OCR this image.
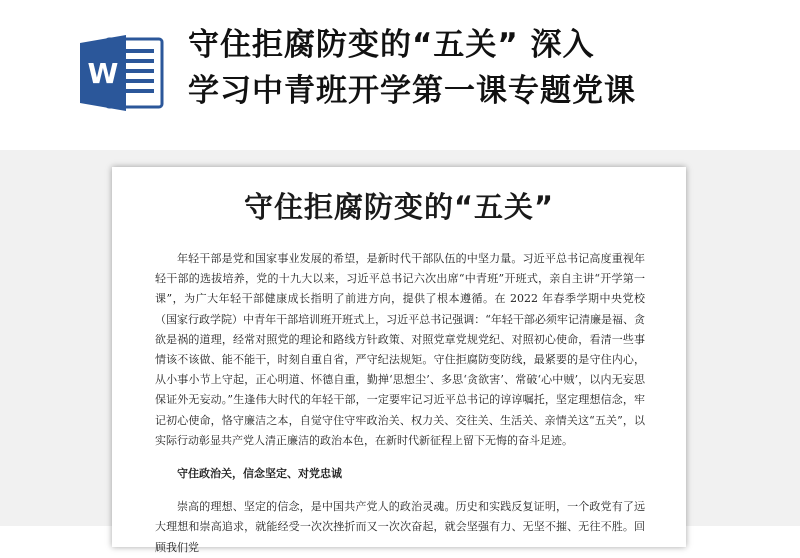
W
守住拒腐防变的“五关” 深入
学习中青班开学第一课专题党课
守住拒腐防变的“五关”

年轻干部是党和国家事业发展的希望，是新时代干部队伍的中坚力量。习近平总书记高度重视年轻干部的选拔培养，党的十九大以来，习近平总书记六次出席“中青班”开班式，亲自主讲“开学第一课”，为广大年轻干部健康成长指明了前进方向，提供了根本遵循。在 2022 年春季学期中央党校（国家行政学院）中青年干部培训班开班式上，习近平总书记强调：“年轻干部必须牢记清廉是福、贪欲是祸的道理，经常对照党的理论和路线方针政策、对照党章党规党纪、对照初心使命，看清一些事情该不该做、能不能干，时刻自重自省，严守纪法规矩。守住拒腐防变防线，最紧要的是守住内心，从小事小节上守起，正心明道、怀德自重，勤掸‘思想尘’、多思‘贪欲害’、常破‘心中贼’，以内无妄思保证外无妄动。”生逢伟大时代的年轻干部，一定要牢记习近平总书记的谆谆嘱托，坚定理想信念，牢记初心使命，恪守廉洁之本，自觉守住守牢政治关、权力关、交往关、生活关、亲情关这“五关”，以实际行动彰显共产党人清正廉洁的政治本色，在新时代新征程上留下无悔的奋斗足迹。

守住政治关，信念坚定、对党忠诚

崇高的理想、坚定的信念，是中国共产党人的政治灵魂。历史和实践反复证明，一个政党有了远大理想和崇高追求，就能经受一次次挫折而又一次次奋起，就会坚强有力、无坚不摧、无往不胜。回顾我们党
